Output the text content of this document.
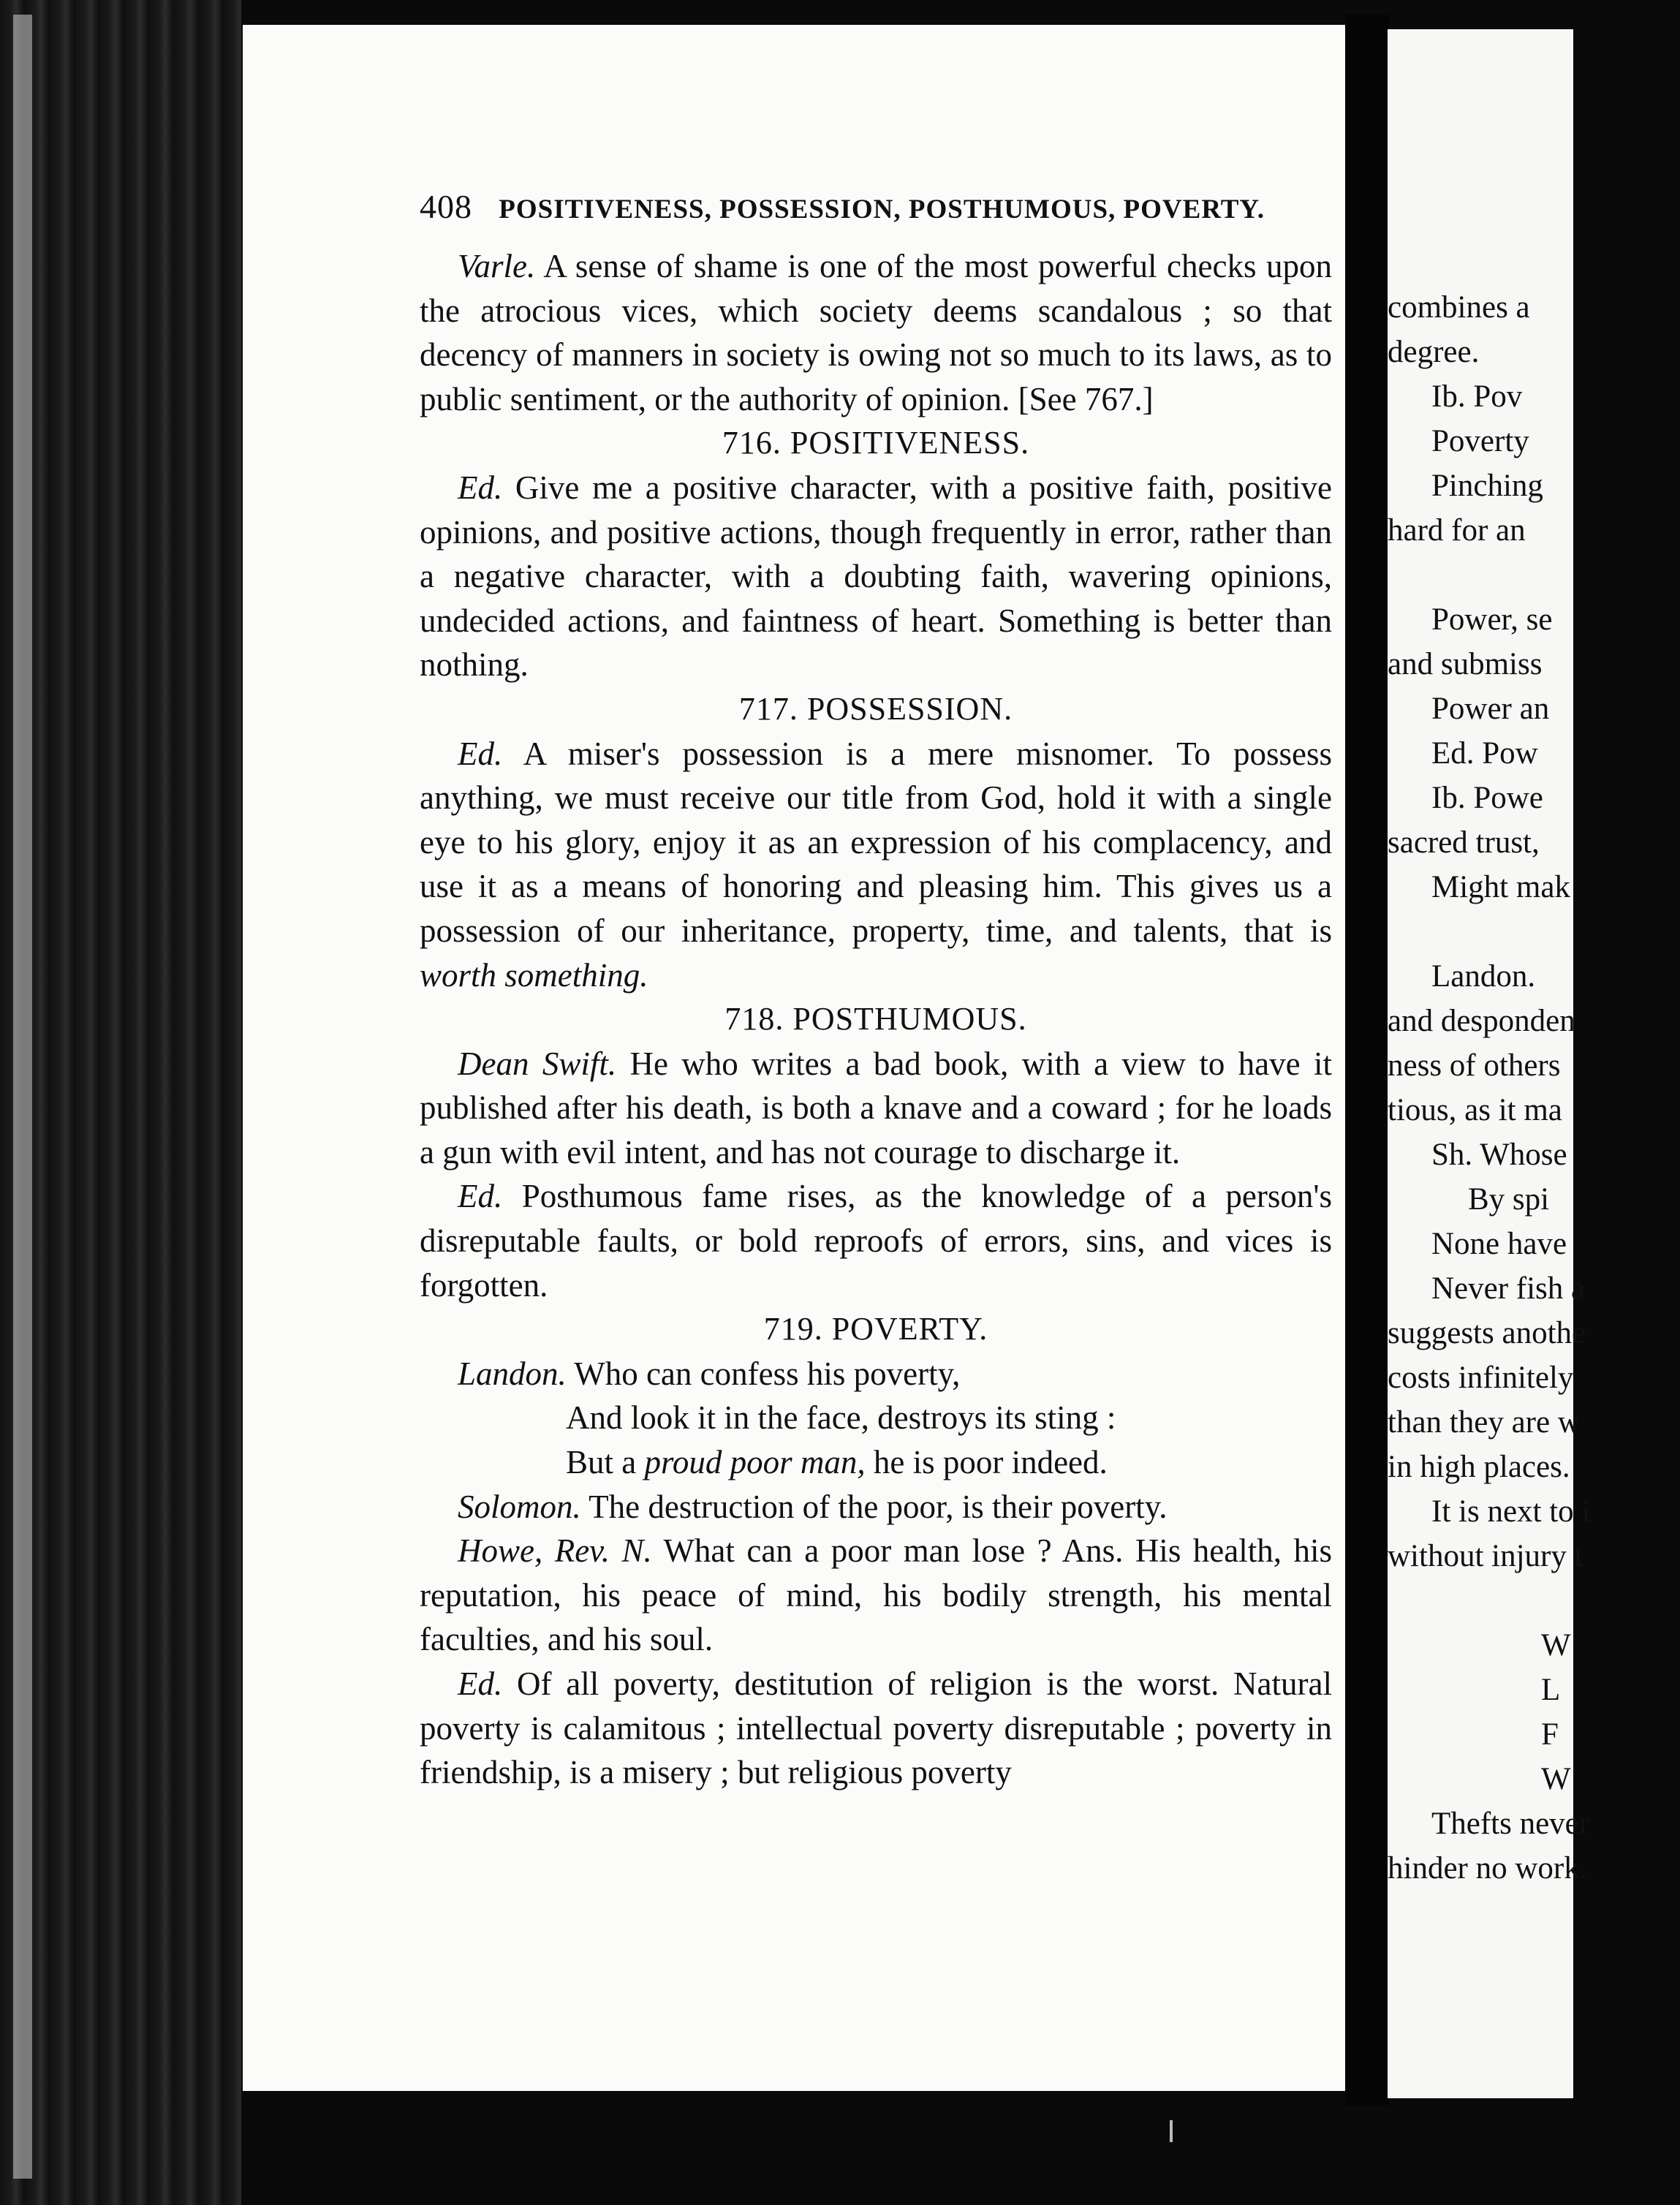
408 POSITIVENESS, POSSESSION, POSTHUMOUS, POVERTY.

Varle. A sense of shame is one of the most powerful checks upon the atrocious vices, which society deems scandalous ; so that decency of manners in society is owing not so much to its laws, as to public sentiment, or the authority of opinion. [See 767.]

716. POSITIVENESS.

Ed. Give me a positive character, with a positive faith, positive opinions, and positive actions, though frequently in error, rather than a negative character, with a doubting faith, wavering opinions, undecided actions, and faintness of heart. Something is better than nothing.

717. POSSESSION.

Ed. A miser's possession is a mere misnomer. To possess anything, we must receive our title from God, hold it with a single eye to his glory, enjoy it as an expression of his complacency, and use it as a means of honoring and pleasing him. This gives us a possession of our inheritance, property, time, and talents, that is worth something.

718. POSTHUMOUS.

Dean Swift. He who writes a bad book, with a view to have it published after his death, is both a knave and a coward ; for he loads a gun with evil intent, and has not courage to discharge it.

Ed. Posthumous fame rises, as the knowledge of a person's disreputable faults, or bold reproofs of errors, sins, and vices is forgotten.

719. POVERTY.
Landon. Who can confess his poverty,
And look it in the face, destroys its sting :
But a proud poor man, he is poor indeed.

Solomon. The destruction of the poor, is their poverty.

Howe, Rev. N. What can a poor man lose ? Ans. His health, his reputation, his peace of mind, his bodily strength, his mental faculties, and his soul.

Ed. Of all poverty, destitution of religion is the worst. Natural poverty is calamitous ; intellectual poverty disreputable ; poverty in friendship, is a misery ; but religious poverty

combines a
degree.
Ib. Pov
Poverty
Pinching
hard for an
Power, se
and submiss
Power an
Ed. Pow
Ib. Powe
sacred trust,
Might mak
Landon.
and desponden
ness of others
tious, as it ma
Sh. Whose
By spi
None have
Never fish a
suggests anothe
costs infinitely
than they are w
in high places.
It is next to i
without injury t
W
L
F
W
Thefts never
hinder no work.
